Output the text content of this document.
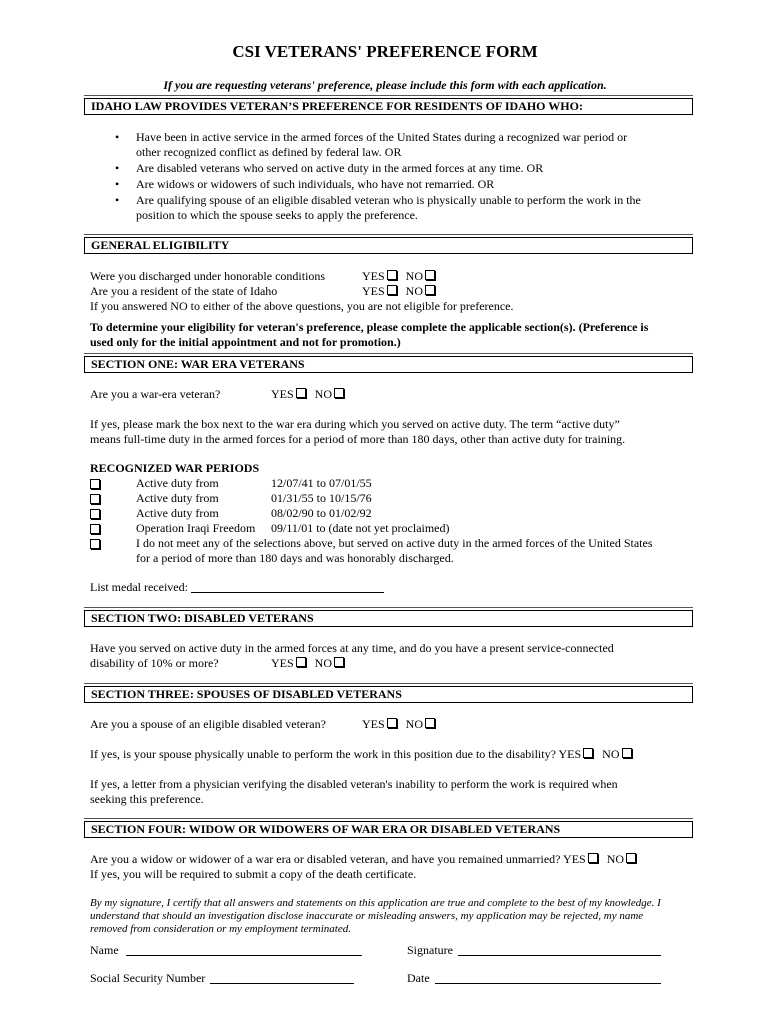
CSI VETERANS' PREFERENCE FORM
If you are requesting veterans' preference, please include this form with each application.
IDAHO LAW PROVIDES VETERAN’S PREFERENCE FOR RESIDENTS OF IDAHO WHO:
• Have been in active service in the armed forces of the United States during a recognized war period or
other recognized conflict as defined by federal law. OR
• Are disabled veterans who served on active duty in the armed forces at any time. OR
• Are widows or widowers of such individuals, who have not remarried. OR
• Are qualifying spouse of an eligible disabled veteran who is physically unable to perform the work in the
position to which the spouse seeks to apply the preference.
GENERAL ELIGIBILITY
Were you discharged under honorable conditions	YES NO
Are you a resident of the state of Idaho	YES NO
If you answered NO to either of the above questions, you are not eligible for preference.
To determine your eligibility for veteran's preference, please complete the applicable section(s). (Preference is
used only for the initial appointment and not for promotion.)
SECTION ONE: WAR ERA VETERANS
Are you a war-era veteran?	YES NO
If yes, please mark the box next to the war era during which you served on active duty. The term “active duty”
means full-time duty in the armed forces for a period of more than 180 days, other than active duty for training.
RECOGNIZED WAR PERIODS
Active duty from	12/07/41 to 07/01/55
Active duty from	01/31/55 to 10/15/76
Active duty from	08/02/90 to 01/02/92
Operation Iraqi Freedom 09/11/01 to (date not yet proclaimed)
I do not meet any of the selections above, but served on active duty in the armed forces of the United States
for a period of more than 180 days and was honorably discharged.
List medal received:
SECTION TWO: DISABLED VETERANS
Have you served on active duty in the armed forces at any time, and do you have a present service-connected
disability of 10% or more?	YES NO
SECTION THREE: SPOUSES OF DISABLED VETERANS
Are you a spouse of an eligible disabled veteran?	YES NO
If yes, is your spouse physically unable to perform the work in this position due to the disability? YES NO
If yes, a letter from a physician verifying the disabled veteran's inability to perform the work is required when
seeking this preference.
SECTION FOUR: WIDOW OR WIDOWERS OF WAR ERA OR DISABLED VETERANS
Are you a widow or widower of a war era or disabled veteran, and have you remained unmarried? YES NO
If yes, you will be required to submit a copy of the death certificate.
By my signature, I certify that all answers and statements on this application are true and complete to the best of my knowledge. I
understand that should an investigation disclose inaccurate or misleading answers, my application may be rejected, my name
removed from consideration or my employment terminated.
Name	Signature
Social Security Number	Date
